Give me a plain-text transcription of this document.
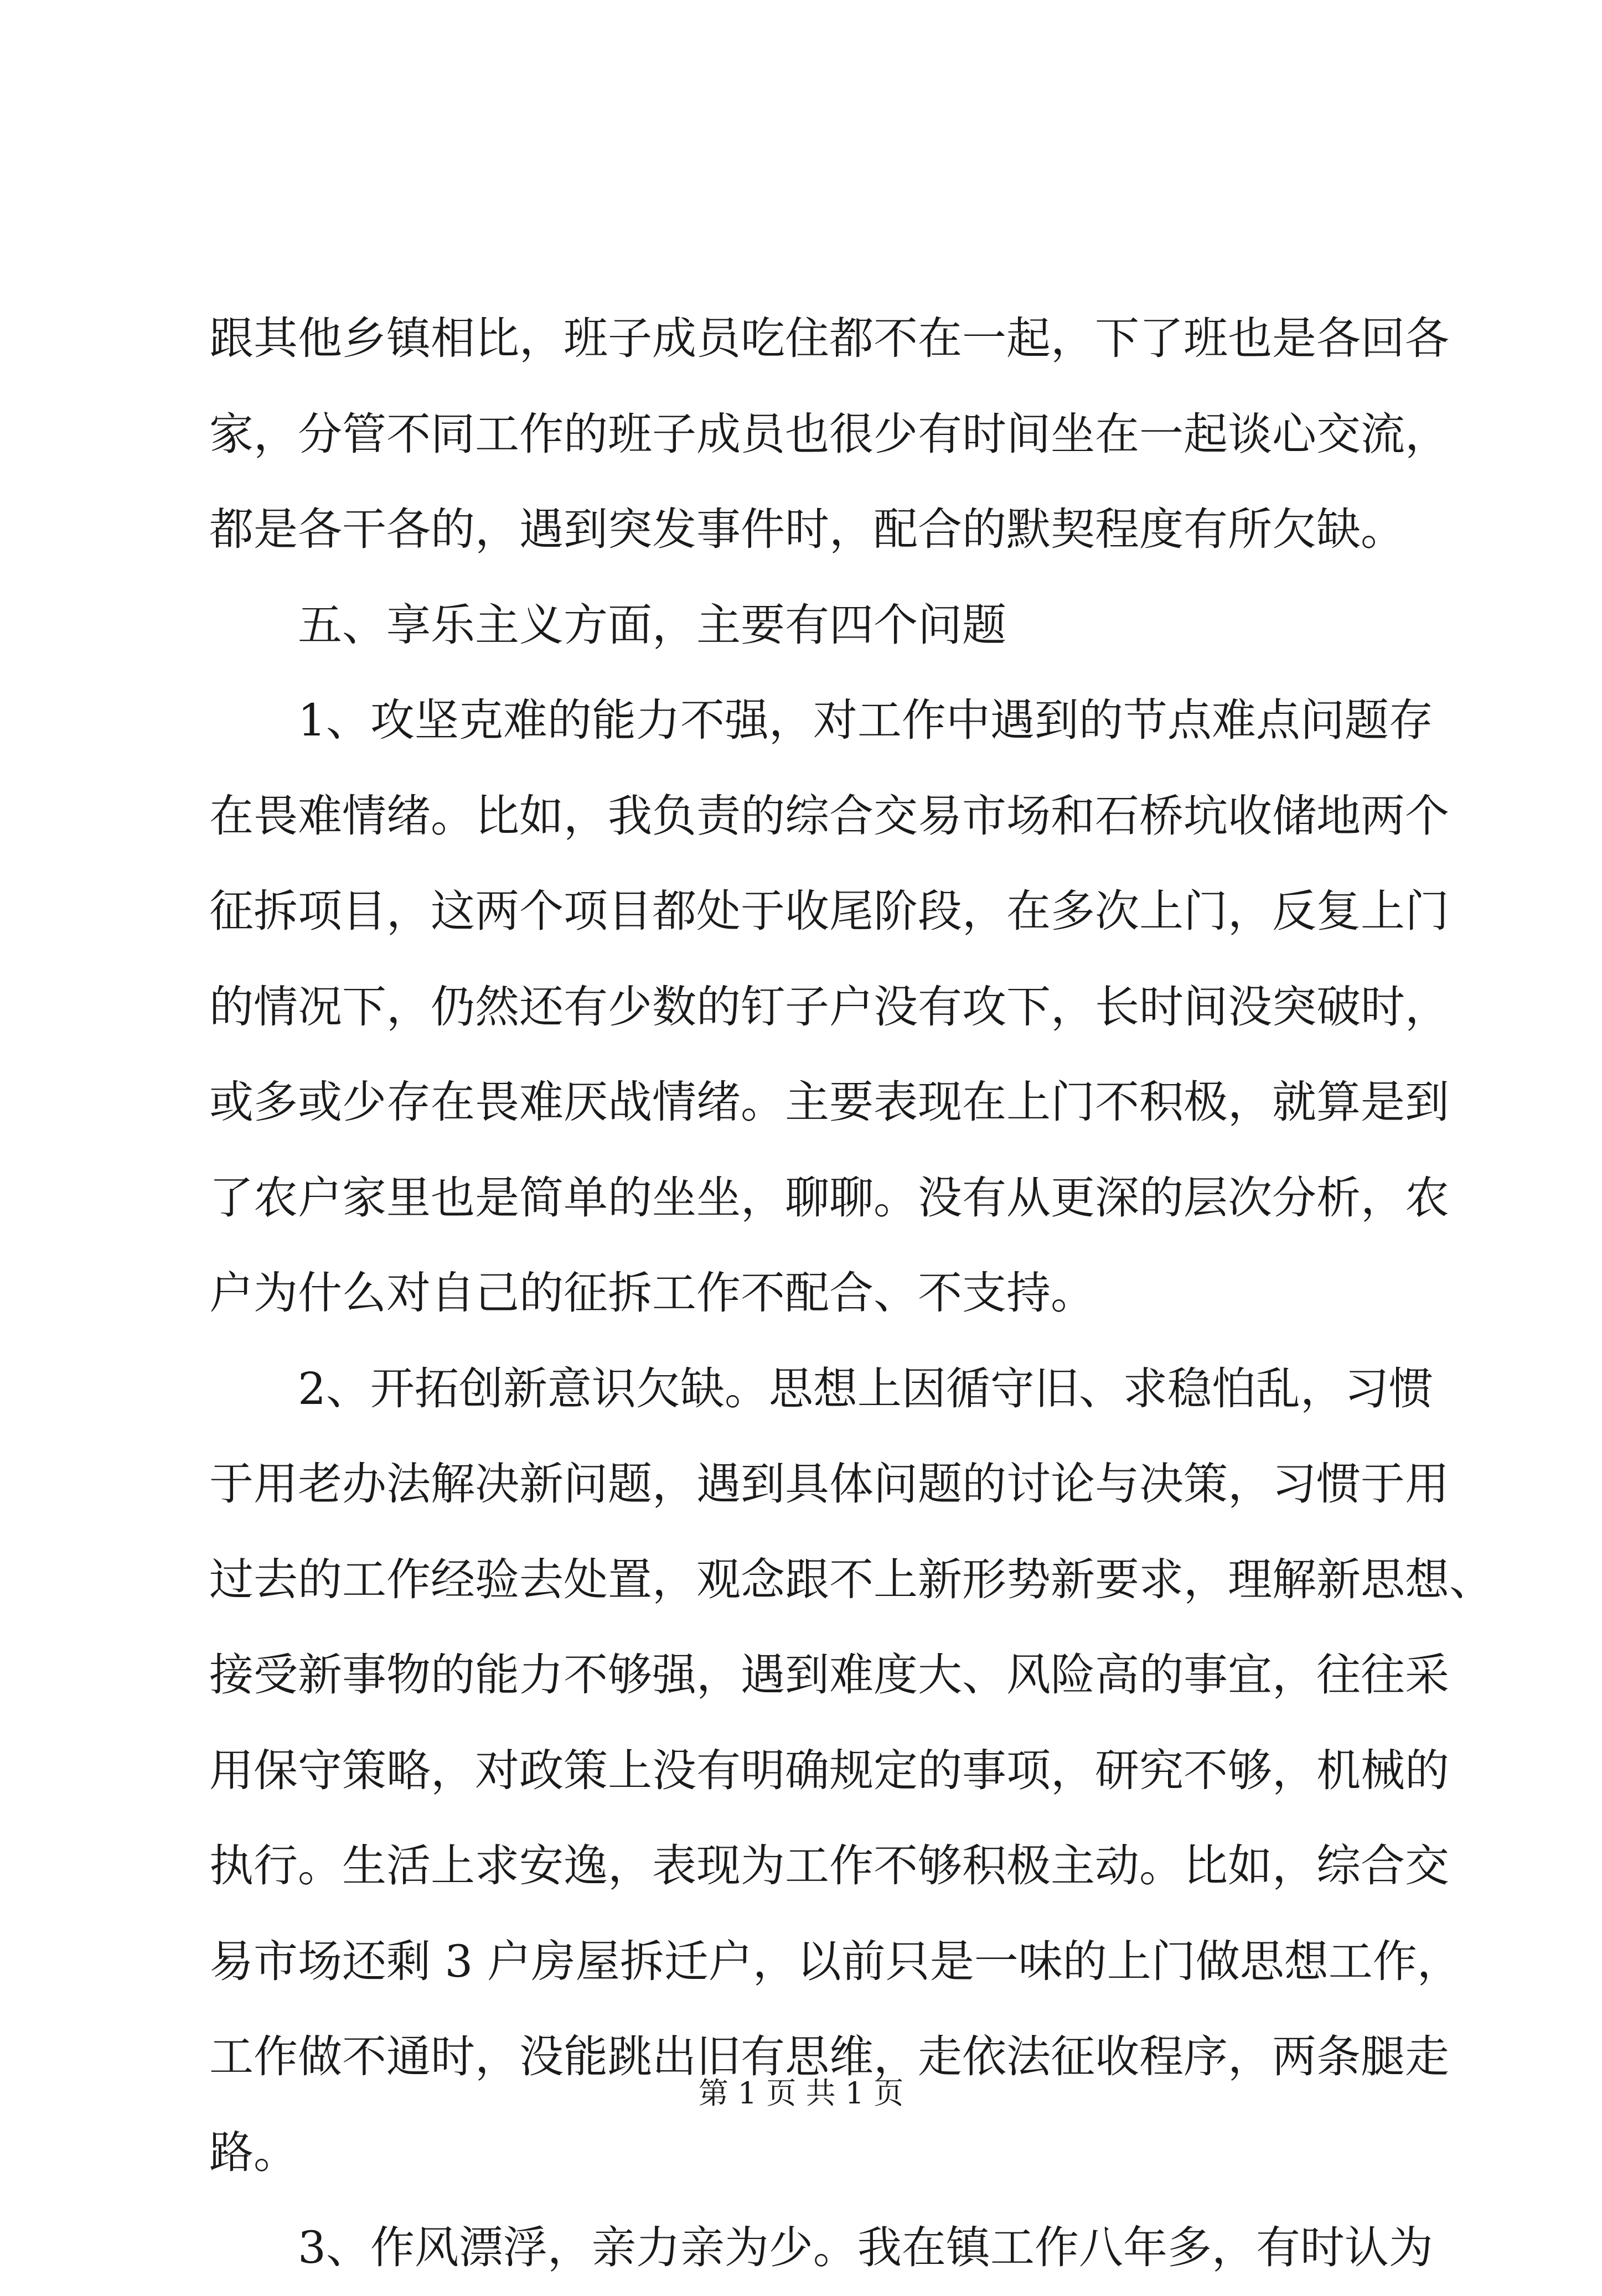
跟其他乡镇相比，班子成员吃住都不在一起，下了班也是各回各
家，分管不同工作的班子成员也很少有时间坐在一起谈心交流，
都是各干各的，遇到突发事件时，配合的默契程度有所欠缺。
五、享乐主义方面，主要有四个问题
1、攻坚克难的能力不强，对工作中遇到的节点难点问题存
在畏难情绪。比如，我负责的综合交易市场和石桥坑收储地两个
征拆项目，这两个项目都处于收尾阶段，在多次上门，反复上门
的情况下，仍然还有少数的钉子户没有攻下，长时间没突破时，
或多或少存在畏难厌战情绪。主要表现在上门不积极，就算是到
了农户家里也是简单的坐坐，聊聊。没有从更深的层次分析，农
户为什么对自己的征拆工作不配合、不支持。
2、开拓创新意识欠缺。思想上因循守旧、求稳怕乱，习惯
于用老办法解决新问题，遇到具体问题的讨论与决策，习惯于用
过去的工作经验去处置，观念跟不上新形势新要求，理解新思想、
接受新事物的能力不够强，遇到难度大、风险高的事宜，往往采
用保守策略，对政策上没有明确规定的事项，研究不够，机械的
执行。生活上求安逸，表现为工作不够积极主动。比如，综合交
易市场还剩 3 户房屋拆迁户，以前只是一味的上门做思想工作，
工作做不通时，没能跳出旧有思维，走依法征收程序，两条腿走
路。
3、作风漂浮，亲力亲为少。我在镇工作八年多，有时认为
第 1 页 共 1 页
